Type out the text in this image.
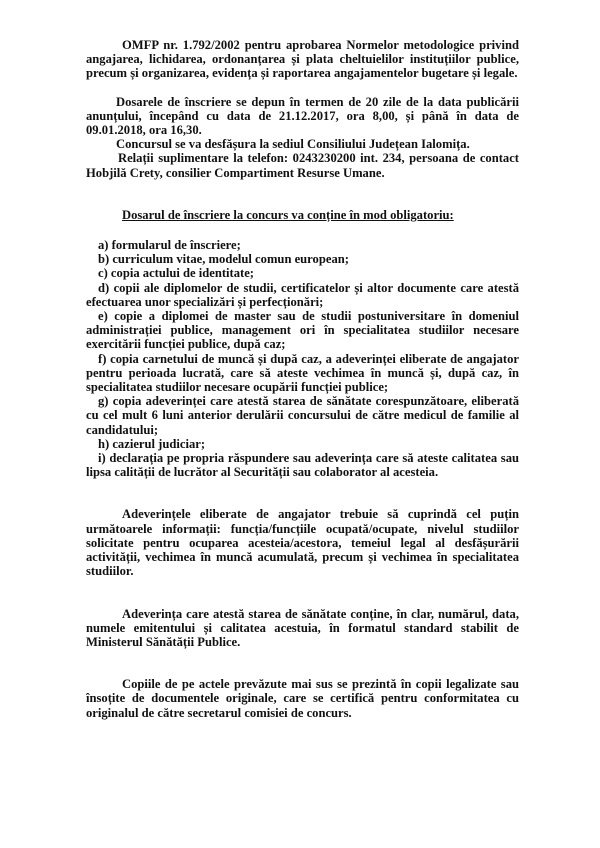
OMFP nr. 1.792/2002 pentru aprobarea Normelor metodologice privind angajarea, lichidarea, ordonanțarea și plata cheltuielilor instituțiilor publice, precum și organizarea, evidența și raportarea angajamentelor bugetare și legale.

Dosarele de înscriere se depun în termen de 20 zile de la data publicării anunțului, începând cu data de 21.12.2017, ora 8,00, și până în data de 09.01.2018, ora 16,30.

Concursul se va desfășura la sediul Consiliului Județean Ialomița.

Relații suplimentare la telefon: 0243230200 int. 234, persoana de contact Hobjilă Crety, consilier Compartiment Resurse Umane.

Dosarul de înscriere la concurs va conține în mod obligatoriu:

a) formularul de înscriere;

b) curriculum vitae, modelul comun european;

c) copia actului de identitate;

d) copii ale diplomelor de studii, certificatelor și altor documente care atestă efectuarea unor specializări și perfecționări;

e) copie a diplomei de master sau de studii postuniversitare în domeniul administrației publice, management ori în specialitatea studiilor necesare exercitării funcției publice, după caz;

f) copia carnetului de muncă și după caz, a adeverinței eliberate de angajator pentru perioada lucrată, care să ateste vechimea în muncă și, după caz, în specialitatea studiilor necesare ocupării funcției publice;

g) copia adeverinței care atestă starea de sănătate corespunzătoare, eliberată cu cel mult 6 luni anterior derulării concursului de către medicul de familie al candidatului;

h) cazierul judiciar;

i) declarația pe propria răspundere sau adeverința care să ateste calitatea sau lipsa calității de lucrător al Securității sau colaborator al acesteia.

Adeverințele eliberate de angajator trebuie să cuprindă cel puțin următoarele informații: funcția/funcțiile ocupată/ocupate, nivelul studiilor solicitate pentru ocuparea acesteia/acestora, temeiul legal al desfășurării activității, vechimea în muncă acumulată, precum și vechimea în specialitatea studiilor.

Adeverința care atestă starea de sănătate conține, în clar, numărul, data, numele emitentului și calitatea acestuia, în formatul standard stabilit de Ministerul Sănătății Publice.

Copiile de pe actele prevăzute mai sus se prezintă în copii legalizate sau însoțite de documentele originale, care se certifică pentru conformitatea cu originalul de către secretarul comisiei de concurs.
